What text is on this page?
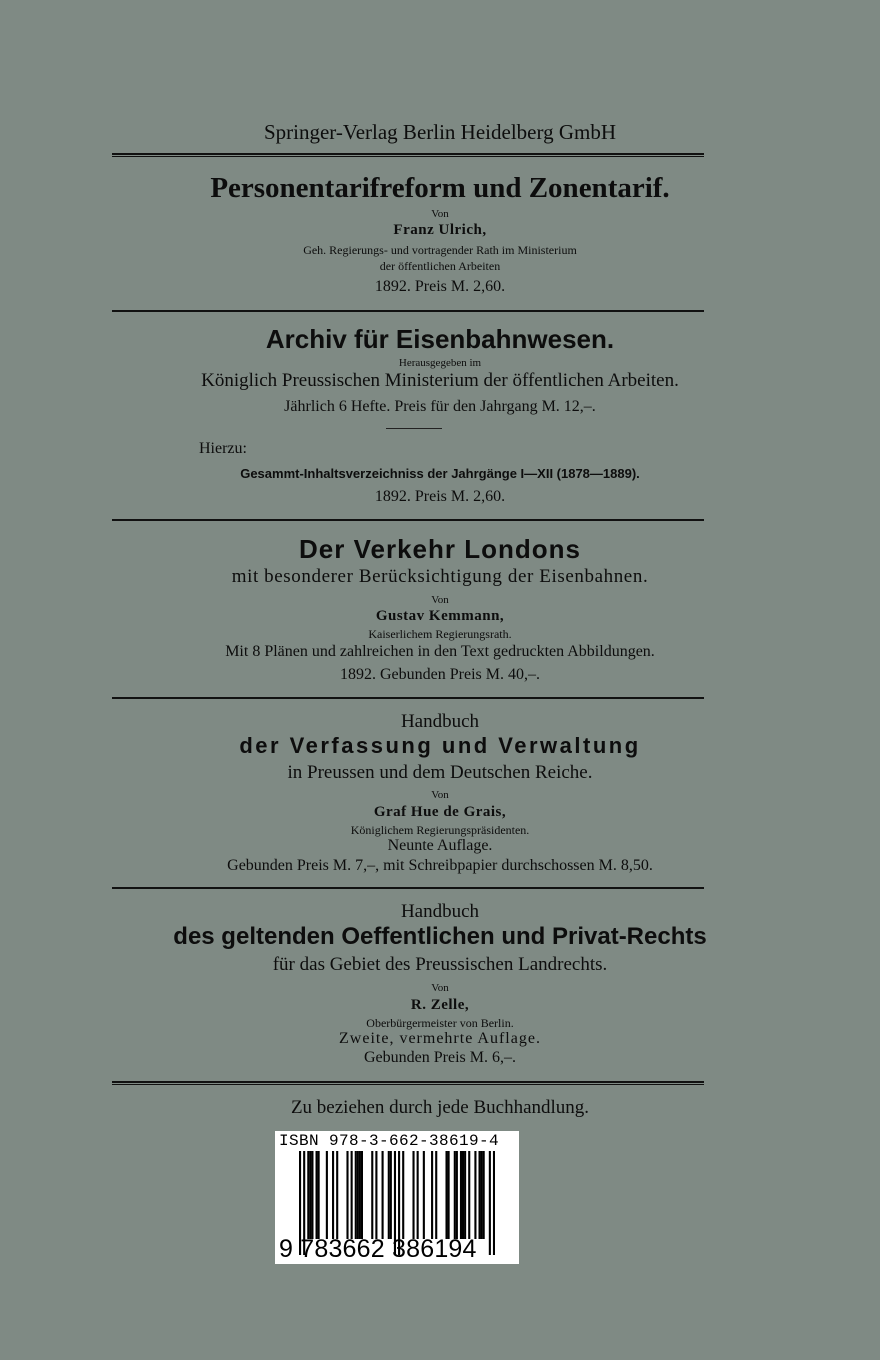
Springer-Verlag Berlin Heidelberg GmbH
Personentarifreform und Zonentarif.
Von
Franz Ulrich,
Geh. Regierungs- und vortragender Rath im Ministerium
der öffentlichen Arbeiten
1892. Preis M. 2,60.
Archiv für Eisenbahnwesen.
Herausgegeben im
Königlich Preussischen Ministerium der öffentlichen Arbeiten.
Jährlich 6 Hefte. Preis für den Jahrgang M. 12,–.
Hierzu:
Gesammt-Inhaltsverzeichniss der Jahrgänge I—XII (1878—1889).
1892. Preis M. 2,60.
Der Verkehr Londons
mit besonderer Berücksichtigung der Eisenbahnen.
Von
Gustav Kemmann,
Kaiserlichem Regierungsrath.
Mit 8 Plänen und zahlreichen in den Text gedruckten Abbildungen.
1892. Gebunden Preis M. 40,–.
Handbuch
der Verfassung und Verwaltung
in Preussen und dem Deutschen Reiche.
Von
Graf Hue de Grais,
Königlichem Regierungspräsidenten.
Neunte Auflage.
Gebunden Preis M. 7,–, mit Schreibpapier durchschossen M. 8,50.
Handbuch
des geltenden Oeffentlichen und Privat-Rechts
für das Gebiet des Preussischen Landrechts.
Von
R. Zelle,
Oberbürgermeister von Berlin.
Zweite, vermehrte Auflage.
Gebunden Preis M. 6,–.
Zu beziehen durch jede Buchhandlung.
ISBN 978-3-662-38619-4
9 783662 386194
